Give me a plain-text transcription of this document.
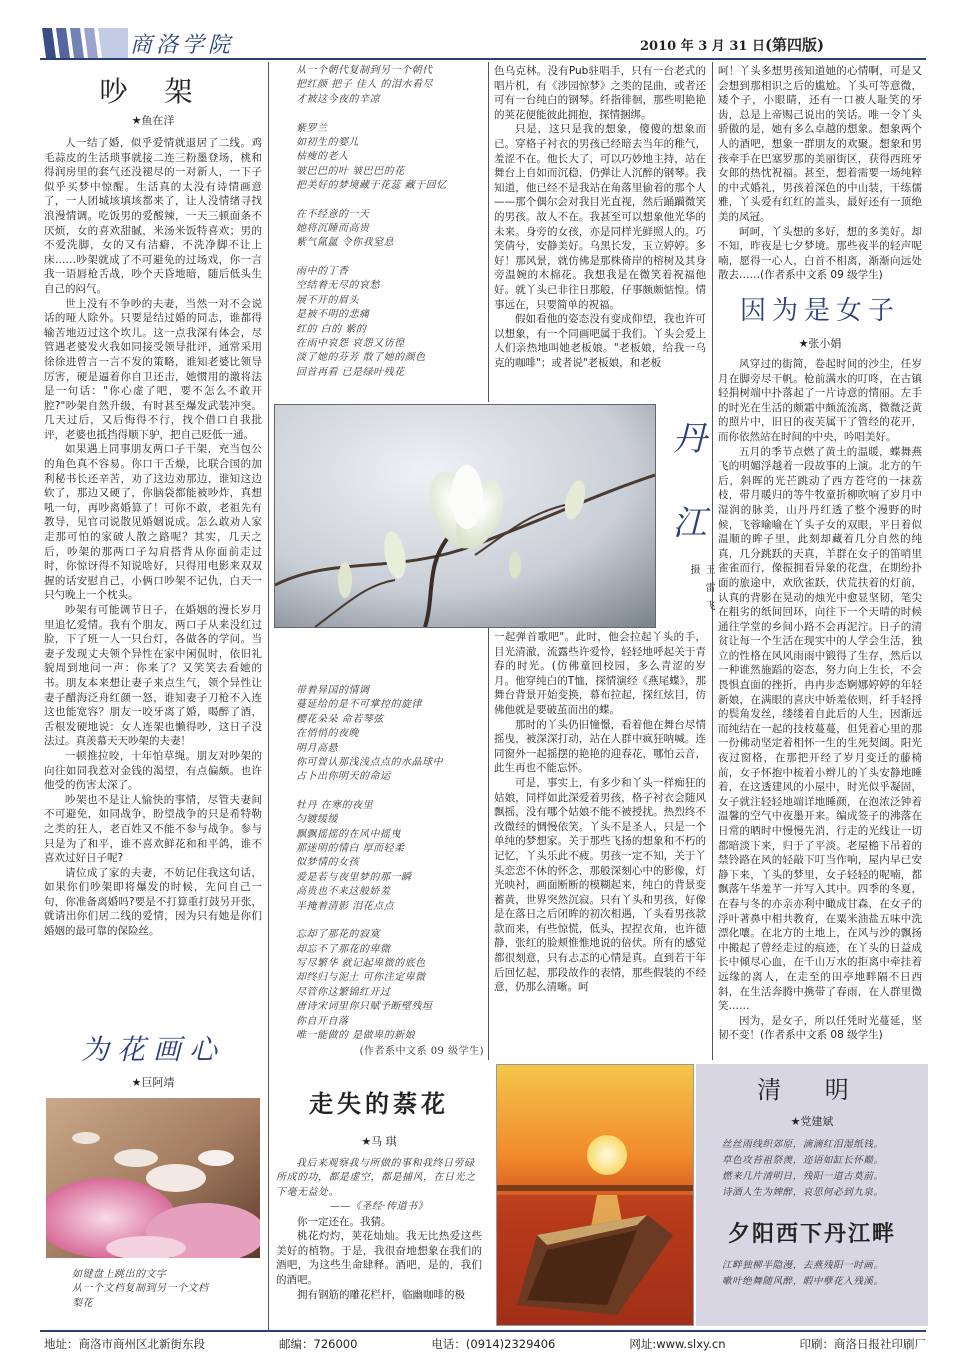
商洛学院	2010 年 3 月 31 日(第四版)
吵 架
★鱼在洋

人一结了婚，似乎爱情就退居了二线。鸡毛蒜皮的生活琐事就接二连三粉墨登场，桃和得润房里的套气还没褪尽的一对新人，一下子似乎买梦中惊醒。生活真的太没有诗情画意了，一人团城垓填垓都来了，让人没情绪寻找浪漫情调。吃饭男的爱酸辣，一天三顿面条不厌烦，女的喜欢甜腻，米汤米饭特喜欢；男的不爱洗脚，女的又有洁癖，不洗净脚不让上床……吵架就成了不可避免的过场戏，你一言我一语唇枪舌战，吵个天昏地暗，随后低头生自己的闷气。

世上没有不争吵的夫妻，当然一对不会说话的哑人除外。只要是结过婚的同志，谁都得输苦地迈过这个坎儿。这一点我深有体会，尽管遇老婆发火我如同接受领导批评，通常采用徐徐进曾言一言不发的策略，谁知老婆比领导厉害，硬是逼着你自卫还击，她惯用的激将法是一句话："你心虚了吧，要不怎么不敢开腔?"吵架自然升级，有时甚至爆发武装冲突。几天过后，又后悔得不行，找个借口自我批评，老婆也抵挡得顺下驴，把自己贬低一通。

如果遇上同事朋友两口子干架，充当包公的角色真不容易。你口干舌燥，比联合国的加利秘书长还辛苦，劝了这边劝那边，谁知这边软了，那边又硬了，你脑袋都能被吵炸，真想吼一句，再吵离婚算了！可你不敢，老祖先有教导，见官司说散见婚姻说成。怎么敢劝人家走那可怕的家破人散之路呢？其实，几天之后，吵架的那两口子勾肩搭背从你面前走过时，你惊讶得不知说啥好，只得用电影来双双握的话安慰自己，小俩口吵架不记仇，白天一只勺晚上一个枕头。

吵架有可能调节日子，在婚姻的漫长岁月里追忆爱情。我有个朋友，两口子从来没红过脸，下了班一人一只台灯，各做各的学问。当妻子发现丈夫领个异性在家中闲侃时，依旧礼貌周到地问一声：你来了？又笑笑去看她的书。朋友本来想让妻子来点生气，领个异性让妻子醋海泛舟红颜一怒，谁知妻子刀枪不入连这也能宽容？朋友一咬牙离了婚，喝醉了酒，舌根发硬地说：女人连架也懒得吵，这日子没法过。真羡慕天天吵架的夫妻！

一顿推拉咬，十年怕草绳。朋友对吵架的向往如同我惹对金钱的渴望，有点偏颇。也许他受的伤害太深了。

吵架也不是让人愉快的事情，尽管夫妻间不可避免，如同战争，盼望战争的只是希特勒之类的狂人，老百姓又不能不参与战争。参与只是为了和平，谁不喜欢鲜花和和平鸽，谁不喜欢过好日子呢?

请位成了家的夫妻，不妨记住我这句话，如果你们吵架即将爆发的时候，先问自己一句，你准备离婚吗?要是不打算重打鼓另开张，就请出你们居二线的爱情，因为只有她是你们婚姻的最可靠的保险丝。

为花画心
★巨阿靖
如键盘上跳出的文字
从一个文档复制到另一个文档
梨花
从一个朝代复制到另一个朝代
把红颜 把子 佳人 的泪水看尽
才被这今夜的辛凉

紫罗兰
如初生的婴儿
枯瘦的老人
皱巴巴的叶 皱巴巴的花
把美好的梦境藏于花蕊 藏于回忆
在不经意的一天
她将沉睡而高贵
紫气氤氲 令你我窒息
雨中的丁香
空结着无尽的哀愁
展不开的眉头
是被不明的悲痛
红的 白的 紫的
在雨中哀怨 哀怨又彷徨
淡了她的芬芳 散了她的颜色
回首再看 已是绿叶残花
丹 江
王雷飞 摄
带着异国的情调
蔓延给的是不可掌控的旋律
樱花朵朵 命若琴弦
在悄悄的夜晚
明月高悬
你可曾认那浅浅点点的水晶球中
占卜出你明天的命运
牡丹 在寒的夜里
匀镀缓缓
飘飘摇摇的在风中摇曳
那迷明的情白 厚而轻柔
似梦情的女孩
爱是若与夜里梦的那一瞬
高贵也不来这般娇羞
半掩着清影 泪花点点
忘却了那花的寂寞
却忘不了那花的卑微
写尽繁华 就记起卑微的底色
却终归与泥土 可你注定卑微
尽管你这繁锦红开过
唐诗宋词里你只赋予断壁残垣
你自开自落
唯一能做的 是做卑的新娘
(作者系中文系 09 级学生)
走失的萘花
★马 琪
我后来观察我与所做的事和我终日劳碌所成的功，都是虚空，都是捕风，在日光之下毫无益处。
——《圣经·传道书》

你一定还在。我猜。

桃花灼灼，荚花灿灿。我无比热爱这些美好的植物。于是，我很奋地想象在我们的酒吧，为这些生命肆释。酒吧，是的，我们的酒吧。

拥有钢筋的雕花栏杆，临幽咖啡的极

色乌克林。没有Pub驻唱手，只有一台老式的唱片机，有《涉园惊梦》之类的昆曲，或者还可有一台纯白的钢琴。纤指徘徊，那些明艳艳的荚花便能彼此拥抱，探情捆绑。

只是，这只是我的想象，傻傻的想象而已。穿格子衬衣的男孩已经暗去当年的稚气，羞涩不在。他长大了，可以巧妙地主持，站在舞台上自如而沉稳，仍弹让人沉醉的钢琴。我知道，他已经不是我站在角落里偷着的那个人——那个偶尔会对我目光直视，然后踊躏微笑的男孩。故人不在。我甚至可以想象他光华的未来。身旁的女孩，亦是同样光鲜照人的。巧笑倩兮，安静美好。乌黑长发，玉立婷婷。多好！那风景，就仿佛是那株倚岸的榕树及其身旁温婉的木棉花。我想我是在微笑着祝福他好。就丫头已非往日那般，仔事颇颇惦惶。情事远在，只要简单的祝福。

假如看他的姿态没有变成仰望，我也许可以想象，有一个同画吧属于我们。丫头会爱上人们亲热地叫她老板娘。"老板娘，给我一乌克的咖啡"；或者说"老板娘，和老板

一起弹首歌吧"。此时，他会拉起丫头的手，目光清澈，流露些许爱怜，轻轻地呼起关于青春的时光。(仿佛童回校园，多么青涩的岁月。他穿纯白的T恤，探情演经《燕尾蝶》，那舞台背景开始变换，幕布拉起，探红炫目，仿佛他就是要破茧而出的蝶。

那时的丫头仍旧憧憬，看着他在舞台尽情摇曳，被深深打动，站在人群中疯狂呐喊。连同窗外一起摇摆的艳艳的迎春花，哪怕云音，此生再也不能忘怀。

可是，事实上，有多少和丫头一样痴狂的姑娘，同样如此深爱着男孩，格子衬衣会随风飘摇，没有哪个姑娘不能不被授扰。热烈终不改微经的惆慢依笑。丫头不是圣人，只是一个单纯的梦想家。关于那些飞扬的想象和不朽的记忆，丫头乐此不疲。男孩一定不知，关于丫头恋恋不休的怀念，那般深刻心中的影像，灯光映衬，画面断断的模糊起来，纯白的背景变蓄黄，世界突然沉寂。只有丫头和男孩，好像是在落日之后闭眸的初次相遇，丫头看男孩款款而来，有些惊慌，低头，捏捏衣角，也许德静，张红的脸颊惟惟地说的倍伏。所有的感觉都很刻意，只有忐忑的心情是真。直到若干年后回忆起，那段故作的表情，那些假装的不经意，仍那么清晰。呵

呵！丫头多想男孩知道她的心情啊，可是又会想到那相识之后的尴尬。丫头可等意微，矮个子，小眼睛，还有一口被人耻笑的牙齿，总是上帝赐己说出的笑话。唯一令丫头骄傲的是，她有多么卓越的想象。想象两个人的酒吧，想象一群朋友的欢聚。想象和男孩牵手在巴塞罗那的美丽街区，获得西班牙女郎的热忱祝福。甚至，想着需要一场纯粹的中式婚礼，男孩着深色的中山装，干练儒雅，丫头爱有红红的盖头，最好还有一顶绝美的凤冠。

呵呵，丫头想的多好，想的多美好。却不知，昨夜是七夕梦境。那些夜半的轻声呢喃，愿得一心人，白首不相离，渐渐向远处散去……(作者系中文系 09 级学生)

因为是女子
★张小娟

风穿过的街简，卷起时间的沙尘，任岁月在脚旁尽干帆。枪前满水的叮咚，在古镇轻捐树端中扑落起了一片诗意的情丽。左手的时光在生活的颇霜中颇流流离，微微泛黄的照片中，旧日的夜芙属干了管经的花开，而你依然站在时间的中央，吟唱美好。

五月的季节点燃了黄土的温暖，蝶舞燕飞的明媚浮越着一段故事的上演。北方的午后，斜晖的光芒跳动了西方苍穹的一抹荔枝，带月暖归的等牛牧童折柳吹响了岁月中湿润的脉美，山丹丹红透了整个漫野的时候，飞蓉喻喻在丫头子女的双眼，平日着似温顺的眸子里，此刻却藏着几分自然的纯真，几分跳跃的天真，羊群在女子的笛哨里雀雀而行，像振拥看异象的花盘，在期纷扑面的旅途中，欢欣雀跃，伏荒扶着的灯前，认真的背影在晃动的烛光中愈显坚韧，笔尖在粗劣的纸间回环，向往下一个天晴的时候通往学堂的乡间小路不会再泥泞。日子的清贫让每一个生活在现实中的人学会生活，独立的性格在风风雨雨中锻得了生存，然后以一种谁然施蹈的姿态，努力向上生长，不会畏惧直面的挫折，冉冉步态婀娜婷婷的年轻新娘，在满眼的喜庆中娇羞依则，纤手轻捋的鬓角发丝，缕缕着自此后的人生，因渐远而纯结在一起的技枝蔓蔓，但凭着心里的那一份佛动坚定着相怀一生的生死契阔。阳光夜过窗格，在那把开经了岁月变迁的藤椅前，女子怀抱中梳着小辫儿的丫头安静地睡着，在这透建风的小屋中，时光似乎凝固，女子就注轻轻地端详地睡颜，在泡浓泛钟着温馨的空气中夜墨开来。编成签子的沸落在日常的晒时中慢慢先消，行走的光线让一切都暗淡下来，归于了平淡。老屋檐下吊着的禁铃路在风的轻敲下叮当作响，屋内早已安静下来，丫头的梦里，女子轻轻的呢喃，都飘落午华羞芊一并写入其中。四季的冬夏，在春与冬的亦亲亦利中瞰成甘森，在女子的浮叶著鼻中相共教育，在粟米油盐五味中洗漂化嚷。在北方的土地上，在风与沙的飘扬中搬起了曾经走过的痕迹，在丫头的日益成长中倾尽心血，在千山万水的拒离中牵挂着远缘的离人，在走至的田亭地畔隔不日西斜，在生活奔腾中携带了春雨，在人群里微笑……

因为，是女子，所以任凭时光蔓延，坚韧不变！(作者系中文系 08 级学生)

清 明
★党建斌
丝丝雨线织郊原，滴滴红泪湿纸钱。
草色攻苔祖祭羡，迩语如缸长怀巅。
燃来几片清明日，残阳一道古莫前。
诗酒人生为婢醉，哀思何必到九泉。
夕阳西下丹江畔
江畔独柳半隐漫，去燕残阳一时画。
嗽叶绝舞随风醉，暇中孽花入残溪。
地址：商洛市商州区北新街东段	邮编：726000	电话：(0914)2329406	网址:www.slxy.cn	印刷：商洛日报社印刷厂
